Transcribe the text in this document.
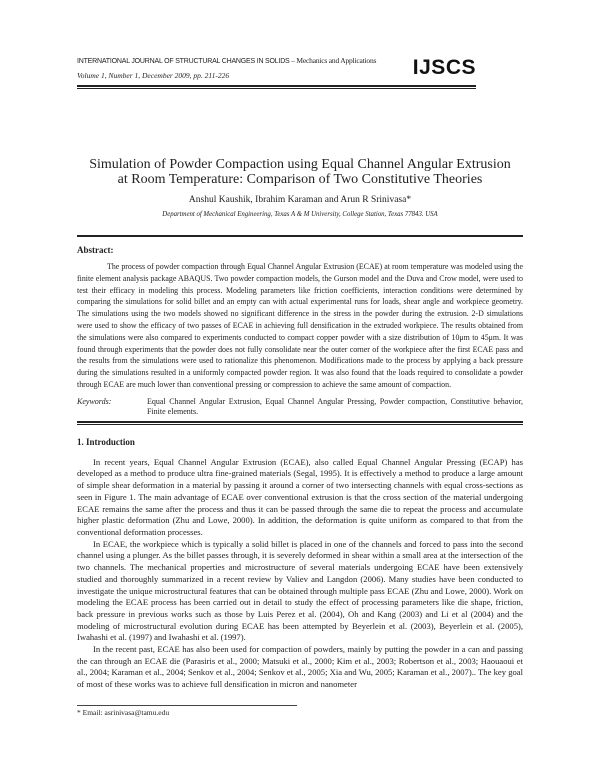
INTERNATIONAL JOURNAL OF STRUCTURAL CHANGES IN SOLIDS – Mechanics and Applications
Volume 1, Number 1, December 2009, pp. 211-226	IJSCS
Simulation of Powder Compaction using Equal Channel Angular Extrusion
at Room Temperature: Comparison of Two Constitutive Theories
Anshul Kaushik, Ibrahim Karaman and Arun R Srinivasa*
Department of Mechanical Engineering, Texas A & M University, College Station, Texas 77843. USA
Abstract:
The process of powder compaction through Equal Channel Angular Extrusion (ECAE) at room temperature was modeled using the finite element analysis package ABAQUS. Two powder compaction models, the Gurson model and the Duva and Crow model, were used to test their efficacy in modeling this process. Modeling parameters like friction coefficients, interaction conditions were determined by comparing the simulations for solid billet and an empty can with actual experimental runs for loads, shear angle and workpiece geometry. The simulations using the two models showed no significant difference in the stress in the powder during the extrusion. 2-D simulations were used to show the efficacy of two passes of ECAE in achieving full densification in the extruded workpiece. The results obtained from the simulations were also compared to experiments conducted to compact copper powder with a size distribution of 10μm to 45μm. It was found through experiments that the powder does not fully consolidate near the outer corner of the workpiece after the first ECAE pass and the results from the simulations were used to rationalize this phenomenon. Modifications made to the process by applying a back pressure during the simulations resulted in a uniformly compacted powder region. It was also found that the loads required to consolidate a powder through ECAE are much lower than conventional pressing or compression to achieve the same amount of compaction.
Keywords:	Equal Channel Angular Extrusion, Equal Channel Angular Pressing, Powder compaction, Constitutive behavior, Finite elements.
1. Introduction
In recent years, Equal Channel Angular Extrusion (ECAE), also called Equal Channel Angular Pressing (ECAP) has developed as a method to produce ultra fine-grained materials (Segal, 1995). It is effectively a method to produce a large amount of simple shear deformation in a material by passing it around a corner of two intersecting channels with equal cross-sections as seen in Figure 1. The main advantage of ECAE over conventional extrusion is that the cross section of the material undergoing ECAE remains the same after the process and thus it can be passed through the same die to repeat the process and accumulate higher plastic deformation (Zhu and Lowe, 2000). In addition, the deformation is quite uniform as compared to that from the conventional deformation processes.
In ECAE, the workpiece which is typically a solid billet is placed in one of the channels and forced to pass into the second channel using a plunger. As the billet passes through, it is severely deformed in shear within a small area at the intersection of the two channels. The mechanical properties and microstructure of several materials undergoing ECAE have been extensively studied and thoroughly summarized in a recent review by Valiev and Langdon (2006). Many studies have been conducted to investigate the unique microstructural features that can be obtained through multiple pass ECAE (Zhu and Lowe, 2000). Work on modeling the ECAE process has been carried out in detail to study the effect of processing parameters like die shape, friction, back pressure in previous works such as those by Luis Perez et al. (2004), Oh and Kang (2003) and Li et al (2004) and the modeling of microstructural evolution during ECAE has been attempted by Beyerlein et al. (2003), Beyerlein et al. (2005), Iwahashi et al. (1997) and Iwahashi et al. (1997).
In the recent past, ECAE has also been used for compaction of powders, mainly by putting the powder in a can and passing the can through an ECAE die (Parasiris et al., 2000; Matsuki et al., 2000; Kim et al., 2003; Robertson et al., 2003; Haouaoui et al., 2004; Karaman et al., 2004; Senkov et al., 2004; Senkov et al., 2005; Xia and Wu, 2005; Karaman et al., 2007).. The key goal of most of these works was to achieve full densification in micron and nanometer
* Email: asrinivasa@tamu.edu
